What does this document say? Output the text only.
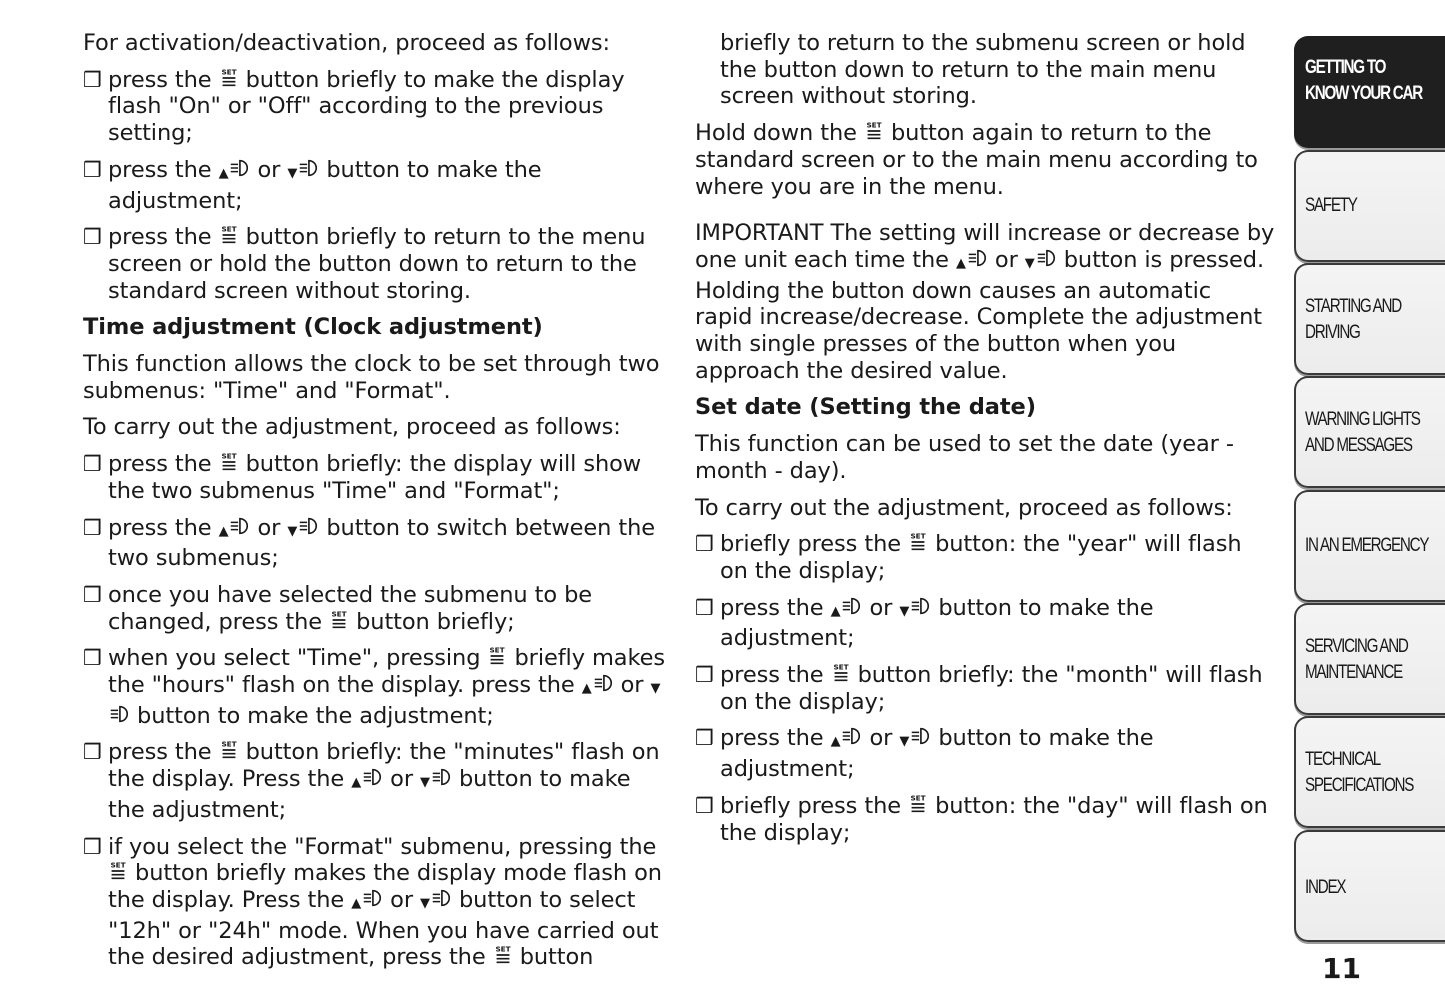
For activation/deactivation, proceed as follows:

❒ press the  button briefly to make the display flash "On" or "Off" according to the previous setting;
❒ press the ▲ or ▼ button to make the adjustment;
❒ press the  button briefly to return to the menu screen or hold the button down to return to the standard screen without storing.

Time adjustment (Clock adjustment)

This function allows the clock to be set through two submenus: "Time" and "Format".

To carry out the adjustment, proceed as follows:

❒ press the  button briefly: the display will show the two submenus "Time" and "Format";
❒ press the ▲ or ▼ button to switch between the two submenus;
❒ once you have selected the submenu to be changed, press the  button briefly;
❒ when you select "Time", pressing  briefly makes the "hours" flash on the display. press the ▲ or ▼ button to make the adjustment;
❒ press the  button briefly: the "minutes" flash on the display. Press the ▲ or ▼ button to make the adjustment;
❒ if you select the "Format" submenu, pressing the  button briefly makes the display mode flash on the display. Press the ▲ or ▼ button to select "12h" or "24h" mode. When you have carried out the desired adjustment, press the  button

briefly to return to the submenu screen or hold the button down to return to the main menu screen without storing.

Hold down the  button again to return to the standard screen or to the main menu according to where you are in the menu.

IMPORTANT The setting will increase or decrease by one unit each time the ▲ or ▼ button is pressed. Holding the button down causes an automatic rapid increase/decrease. Complete the adjustment with single presses of the button when you approach the desired value.

Set date (Setting the date)

This function can be used to set the date (year - month - day).

To carry out the adjustment, proceed as follows:

❒ briefly press the  button: the "year" will flash on the display;
❒ press the ▲ or ▼ button to make the adjustment;
❒ press the  button briefly: the "month" will flash on the display;
❒ press the ▲ or ▼ button to make the adjustment;
❒ briefly press the  button: the "day" will flash on the display;
GETTING TO
KNOW YOUR CAR
SAFETY
STARTING AND
DRIVING
WARNING LIGHTS
AND MESSAGES
IN AN EMERGENCY
SERVICING AND
MAINTENANCE
TECHNICAL
SPECIFICATIONS
INDEX
11
